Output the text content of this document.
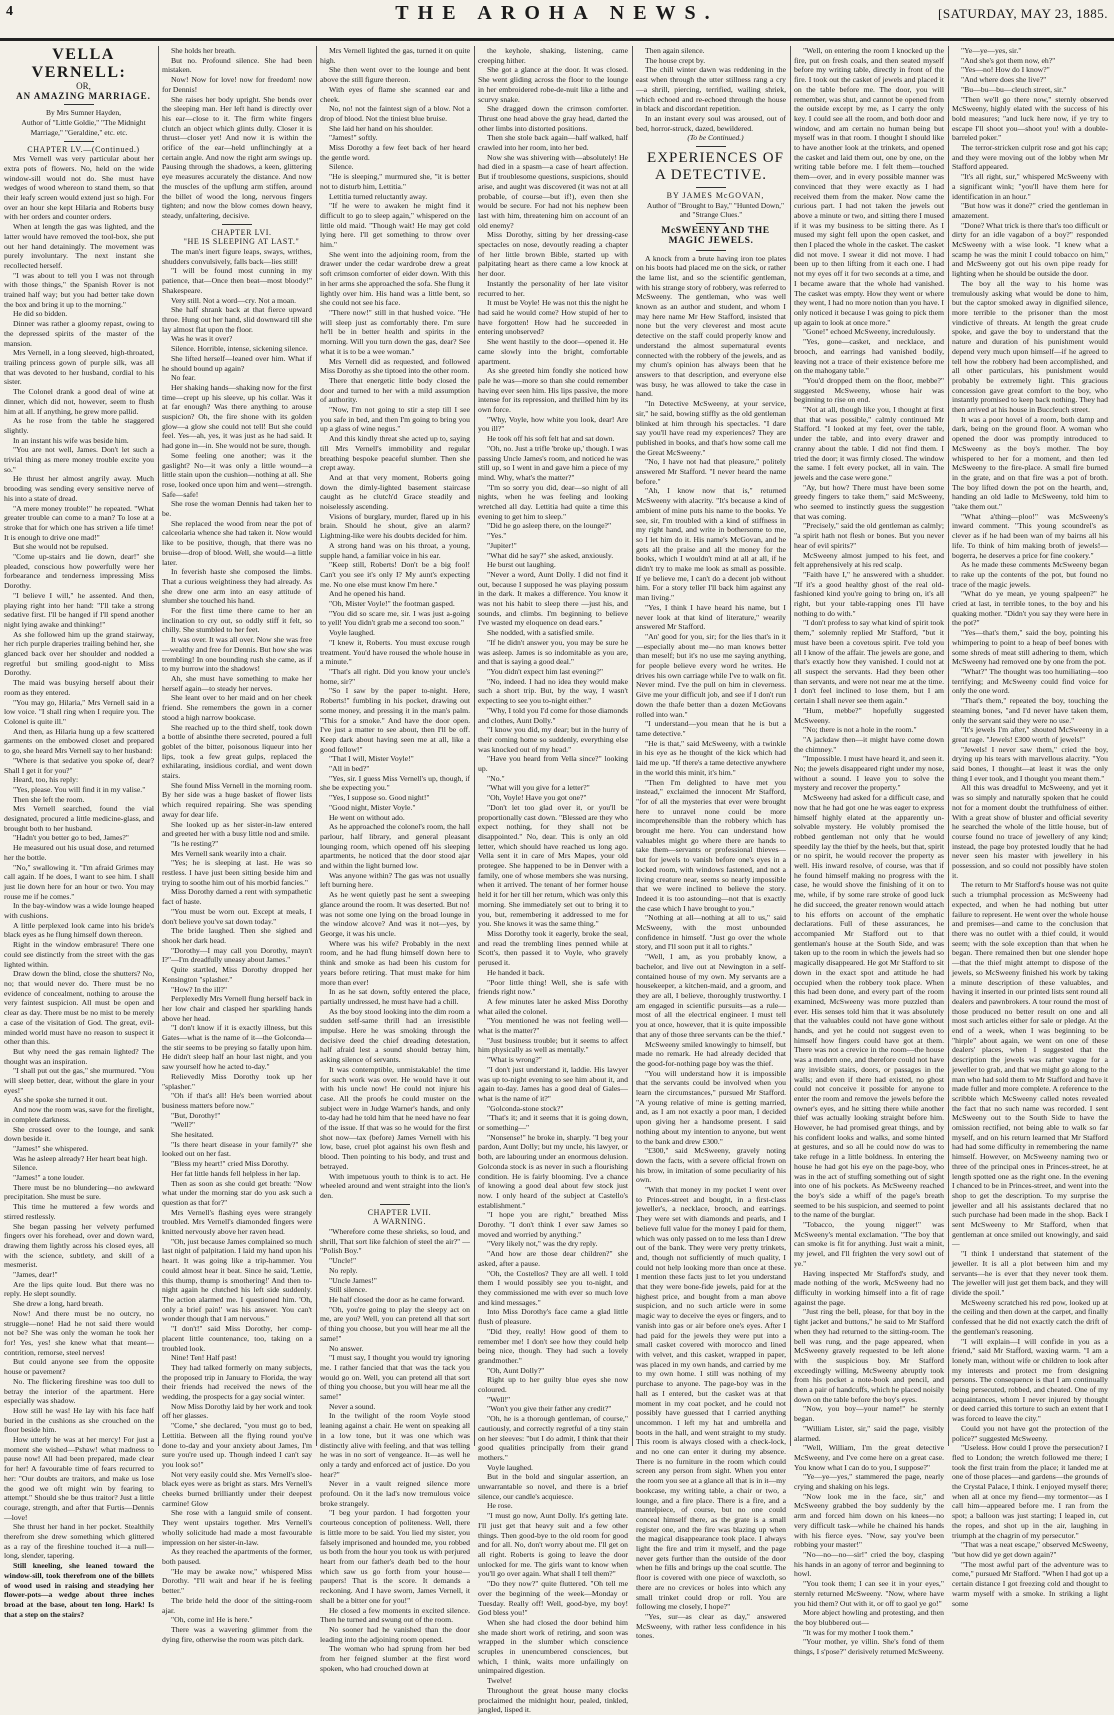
4	THE AROHA NEWS.	[SATURDAY, MAY 23, 1885.

VELLA VERNELL:

OR,

AN AMAZING MARRIAGE.

By Mrs Sumner Hayden,

Author of "Little Goldie," "The Midnight Marriage," "Geraldine," etc. etc.

CHAPTER LV.—(Continued.)

Mrs Vernell was very particular about her extra pots of flowers. No, held on the wide window-sill would not do. She must have wedges of wood whereon to stand them, so that their leafy screen would extend just so high. For over an hour she kept Hilaria and Roberts busy with her orders and counter orders.

When at length the gas was lighted, and the latter would have removed the tool-box, she put out her hand detainingly. The movement was purely involuntary. The next instant she recollected herself.

"I was about to tell you I was not through with those things," the Spanish Rover is not trained half way; but you had better take down the box and bring it up to the morning."

He did so bidden.

Dinner was rather a gloomy repast, owing to the depressed spirits of the master of the mansion.

Mrs Vernell, in a long sleeved, high-throated, trailing princess gown of purple silk, was all that was devoted to her husband, cordial to his sister.

The Colonel drank a good deal of wine at dinner, which did not, however, seem to flush him at all. If anything, he grew more pallid.

As he rose from the table he staggered slightly.

In an instant his wife was beside him.

"You are not well, James. Don't let such a trivial thing as mere money trouble excite you so."

He thrust her almost angrily away. Much brooding was sending every sensitive nerve of his into a state of dread.

"A mere money trouble!" he repeated. "What greater trouble can come to a man? To lose at a stroke that for which one has striven a life time! It is enough to drive one mad!"

But she would not be repulsed.

"Come up-stairs and lie down, dear!" she pleaded, conscious how powerfully were her forbearance and tenderness impressing Miss Dorothy.

"I believe I will," he assented. And then, playing right into her hand: "I'll take a strong sedative first. I'll be hanged if I'll spend another night lying awake and thinking!"

As she followed him up the grand stairway, her rich purple draperies trailing behind her, she glanced back over her shoulder and nodded a regretful but smiling good-night to Miss Dorothy.

The maid was busying herself about their room as they entered.

"You may go, Hilaria," Mrs Vernell said in a low voice. "I shall ring when I require you. The Colonel is quite ill."

And then, as Hilaria hung up a few scattered garments on the embowed closet and prepared to go, she heard Mrs Vernell say to her husband:

"Where is that sedative you spoke of, dear? Shall I get it for you?"

Heard, too, his reply:

"Yes, please. You will find it in my valise."

Then she left the room.

Mrs Vernell searched, found the vial designated, procured a little medicine-glass, and brought both to her husband.

"Hadn't you better go to bed, James?"

He measured out his usual dose, and returned her the bottle.

"No," swallowing it. "I'm afraid Grimes may call again. If he does, I want to see him. I shall just lie down here for an hour or two. You may rouse me if he comes."

In the bay-window was a wide lounge heaped with cushions.

A little perplexed look came into his bride's black eyes as he flung himself down thereon.

Right in the window embrasure! There one could see distinctly from the street with the gas lighted within.

Draw down the blind, close the shutters? No, no; that would never do. There must be no evidence of concealment, nothing to arouse the very faintest suspicion. All must be open and clear as day. There must be no mist to be merely a case of the visitation of God. The great, evil-minded world must have no reason to suspect it other than this.

But why need the gas remain lighted? The thought was an inspiration.

"I shall put out the gas," she murmured. "You will sleep better, dear, without the glare in your eyes!"

As she spoke she turned it out.

And now the room was, save for the firelight, in complete darkness.

She crossed over to the lounge, and sank down beside it.

"James!" she whispered.

Was he asleep already? Her heart beat high.

Silence.

"James!" a tone louder.

There must be no blundering—no awkward precipitation. She must be sure.

This time he muttered a few words and stirred restlessly.

She began passing her velvety perfumed fingers over his forehead, over and down ward, drawing them lightly across his closed eyes, all with the science, subtlety, and skill of a mesmerist.

"James, dear!"

Are the lips quite loud. But there was no reply. He slept soundly.

She drew a long, hard breath.

Now! And there must be no outcry, no struggle—none! Had he not said there would not be? She was only the woman he took her for! Yes, yes! she knew what that meant—contrition, remorse, steel nerves!

But could anyone see from the opposite house or pavement?

No. The flickering fireshine was too dull to betray the interior of the apartment. Here especially was shadow.

How still he was! He lay with his face half buried in the cushions as she crouched on the floor beside him.

How utterly he was at her mercy! For just a moment she wished—Pshaw! what madness to pause now! All had been prepared, made clear for her! A favourable time of fears recurred to her: "Our doubts are traitors, and make us lose the good we oft might win by fearing to attempt." Should she be thus traitor? Just a little courage, strength, and after that Furtis—Dennis—love!

She thrust her hand in her pocket. Stealthily therefrom she drew something which glittered as a ray of the fireshine touched it—a null—long, slender, tapering.

Still kneeling, she leaned toward the window-sill, took therefrom one of the billets of wood used in raising and steadying her flower-pots—a wedge about three inches broad at the base, about ten long. Hark! Is that a step on the stairs?

She holds her breath.

But no. Profound silence. She had been mistaken.

Now! Now for love! now for freedom! now for Dennis!

She raises her body upright. She bends over the sleeping man. Her left hand is directly over his ear—close to it. The firm white fingers clutch an object which glints dully. Closer it is thrust—closer yet! And now it is within the orifice of the ear—held unflinchingly at a certain angle. And now the right arm swings up. Pausing through the shadows, a keen, glittering eye measures accurately the distance. And now the muscles of the upflung arm stiffen, around the billet of wood the long, nervous fingers tighten; and now the blow comes down heavy, steady, unfaltering, decisive.

CHAPTER LVI.

"HE IS SLEEPING AT LAST."

The man's inert figure leaps, sways, writhes, shudders convulsively, falls back—lies still!

"I will be found most cunning in my patience, that—Once then beat—most bloody!" Shakespeare.

Very still. Not a word—cry. Not a moan.

She half shrank back at that fierce upward throe. Hung out her hand, slid downward till she lay almost flat upon the floor.

Was he was it over?

Silence. Horrible, intense, sickening silence.

She lifted herself—leaned over him. What if he should bound up again?

No fear.

Her shaking hands—shaking now for the first time—crept up his sleeve, up his collar. Was it at far enough? Was there anything to arouse suspicion? Oh, the fire shone with its golden glow—a glow she could not tell! But she could feel. Yes—ah, yes, it was just as he had said. It had gone in—in. She would not be sure, though.

Some feeling one another; was it the gaslight? No—it was only a little wound—a little stain upon the cushion—nothing at all. She rose, looked once upon him and went—strength. Safe—safe!

She rose the woman Dennis had taken her to be.

She replaced the wood from near the pot of calceolaria whence she had taken it. Now would like to be positive, though, that there was no bruise—drop of blood. Well, she would—a little later.

In feverish haste she composed the limbs. That a curious weightiness they had already. As she drew one arm into an easy attitude of slumber she touched his hand.

For the first time there came to her an inclination to cry out, so oddly stiff it felt, so chilly. She stumbled to her feet.

It was over. It was all over. Now she was free—wealthy and free for Dennis. But how she was trembling! In one bounding rush she came, as if to my burrow into the shadows!

Ah, she must have something to make her herself again—to steady her nerves.

She leant over to her maid and on her cheek friend. She remembers the gown in a corner stood a high narrow bookcase.

She reached up to the third shelf, took down a bottle of absinthe there secreted, poured a full goblet of the bitter, poisonous liqueur into her lips, took a few great gulps, replaced the exhilarating, insidious cordial, and went down stairs.

She found Miss Vernell in the morning room. By her side was a huge basket of flower lists which required repairing. She was spending away for dear life.

She looked up as her sister-in-law entered and greeted her with a busy little nod and smile.

"Is he resting?"

Mrs Vernell sank wearily into a chair.

"Yes; he is sleeping at last. He was so restless. I have just been sitting beside him and trying to soothe him out of his morbid fancies."

Miss Dorothy darned a rent with sympathetic fact of haste.

"You must be worn out. Except at meals, I don't believe you've sat down today."

The bride laughed. Then she sighed and shook her dark head.

"Dorothy—I may call you Dorothy, mayn't I?"—I'm dreadfully uneasy about James."

Quite startled, Miss Dorothy dropped her Kensington "splasher."

"How? In the ill?"

Perplexedly Mrs Vernell flung herself back in her low chair and clasped her sparkling hands above her head.

"I don't know if it is exactly illness, but this Gates—what is the name of it—the Golconda—the stir seems to be preying so fatally upon him. He didn't sleep half an hour last night, and you saw yourself how he acted to-day."

Relievedly Miss Dorothy took up her "splasher."

"Oh if that's all! He's been worried about business matters before now."

"But, Dorothy!"

"Well?"

She hesitated.

"Is there heart disease in your family?" she looked out on her fast.

"Bless my heart!" cried Miss Dorothy.

Her fat little hands fell helpless in her lap.

Then as soon as she could get breath: "Now what under the morning star do you ask such a question as that for?"

Mrs Vernell's flashing eyes were strangely troubled. Mrs Vernell's diamonded fingers were knitted nervously above her raven head.

"Oh, just because James complained so much last night of palpitation. I laid my hand upon his heart. It was going like a trip-hammer. You could almost hear it beat. Since he said, 'Lettie, this thump, thump is smothering!' And then to-night again he clutched his left side suddenly. The action alarmed me. I questioned him. 'Oh, only a brief pain!' was his answer. You can't wonder though that I am nervous."

"I don't!" said Miss Dorothy, her comp-placent little countenance, too, taking on a troubled look.

Nine! Ten! Half past!

They had talked formerly on many subjects, the proposed trip in January to Florida, the way their friends had received the news of the wedding, the prospects for a gay social winter.

Now Miss Dorothy laid by her work and took off her glasses.

"Come," she declared, "you must go to bed, Lettitia. Between all the flying round you've done to-day and your anxiety about James, I'm sure you're used up. Though indeed I can't say you look so!"

Not very easily could she. Mrs Vernell's sloe-black eyes were as bright as stars. Mrs Vernell's cheeks burned brilliantly under their deepest carmine! Glow

She rose with a languid smile of consent. They went upstairs together. Mrs Vernell's wholly solicitude had made a most favourable impression on her sister-in-law.

As they reached the apartments of the former, both paused.

"He may be awake now," whispered Miss Dorothy. "I'll wait and hear if he is feeling better."

The bride held the door of the sitting-room ajar.

"Oh, come in! He is here."

There was a wavering glimmer from the dying fire, otherwise the room was pitch dark.

Mrs Vernell lighted the gas, turned it on quite high.

She then went over to the lounge and bent above the still figure thereon.

With eyes of flame she scanned ear and cheek.

No, no! not the faintest sign of a blow. Not a drop of blood. Not the tiniest blue bruise.

She laid her hand on his shoulder.

"James!" softly.

Miss Dorothy a few feet back of her heard the gentle word.

Silence.

"He is sleeping," murmured she, "it is better not to disturb him, Lettitia."

Lettitia turned reluctantly away.

"If he were to awaken he might find it difficult to go to sleep again," whispered on the little old maid. "Though wait! He may get cold lying here. I'll get something to throw over him."

She went into the adjoining room, from the drawer under the cedar wardrobe drew a great soft crimson comforter of eider down. With this in her arms she approached the sofa. She flung it lightly over him. His hand was a little bent, so she could not see his face.

"There now!" still in that hushed voice. "He will sleep just as comfortably there. I'm sure he'll be in better health and spirits in the morning. Will you turn down the gas, dear? See what it is to be a wee woman."

Mrs Vernell did as requested, and followed Miss Dorothy as she tiptoed into the other room.

There that energetic little body closed the door and turned to her with a mild assumption of authority.

"Now, I'm not going to stir a step till I see you safe in bed, and then I'm going to bring you up a glass of wine negus."

And this kindly threat she acted up to, saying till Mrs Vernell's immobility and regular breathing bespoke peaceful slumber. Then she crept away.

And at that very moment, Roberts going down the dimly-lighted basement staircase caught as he clutch'd Grace steadily and noiselessly ascending.

Visions of burglary, murder, flared up in his brain. Should he shout, give an alarm? Lightning-like were his doubts decided for him.

A strong hand was on his throat, a young, supple hand, a familiar voice in his ear.

"Keep still, Roberts! Don't be a big fool! Can't you see it's only I? My aunt's expecting me. No one else must know I'm here."

And he opened his hand.

"Oh, Mister Voyle!" the footman gasped.

"You did so scare me, sir. I was just a-going to yell! You didn't grab me a second too soon."

Voyle laughed.

"I knew it, Roberts. You must excuse rough treatment. You'd have roused the whole house in a minute."

"That's all right. Did you know your uncle's home, sir?"

"So I saw by the paper to-night. Here, Roberts!" fumbling in his pocket, drawing out some money, and pressing it in the man's palm. "This for a smoke." And have the door open. I've just a matter to see about, then I'll be off. Keep dark about having seen me at all, like a good fellow!"

"That I will, Mister Voyle!"

"All in bed?"

"Yes, sir. I guess Miss Vernell's up, though, if she be expecting you."

"Yes, I suppose so. Good night!"

"Good night, Mister Voyle."

He went on without ado.

As he approached the colonel's room, the hall parlour, half library, and general pleasant lounging room, which opened off his sleeping apartments, he noticed that the door stood ajar and within the light burned low.

Was anyone within? The gas was not usually left burning here.

As he went quietly past he sent a sweeping glance around the room. It was deserted. But no! was not some one lying on the broad lounge in the window alcove? And was it not—yes, by George, it was his uncle.

Where was his wife? Probably in the next room, and he had flung himself down here to think and smoke as had been his custom for years before retiring. That must make for him more than ever!

In as he sat down, softly entered the place, partially undressed, he must have had a chill.

As the boy stood looking into the dim room a sudden self-same thrill had an irresistible impulse. Here he was smoking through the decisive deed the chief dreading detestation, half afraid lest a sound should betray him, asking silence of servants.

It was contemptible, unmistakable! the time for such work was over. He would have it out with his uncle now! He could not injure his case. All the proofs he could muster on the subject were in Judge Warner's hands, and only to-day had he told him that he need have no fear of the issue. If that was so he would for the first shot now—tax (before) James Vernell with his low, base, cruel plot against his own flesh and blood. Then pointing to his body, and trust and betrayed.

With impetuous youth to think is to act. He wheeled around and went straight into the lion's den.

CHAPTER LVII.

A WARNING.

"Wherefore come these shrieks, so loud, and shrill, That sort like falchion of steel the air?" — "Polish Boy."

"Uncle!"

No reply.

"Uncle James!"

Still silence.

He half closed the door as he came forward.

"Oh, you're going to play the sleepy act on me, are you? Well, you can pretend all that sort of thing you choose, but you will hear me all the same!"

No answer.

"I must say, I thought you would try ignoring me. I rather fancied that that was the tack you would go on. Well, you can pretend all that sort of thing you choose, but you will hear me all the same!"

Never a sound.

In the twilight of the room Voyle stood leaning against a chair. He went on speaking all in a low tone, but it was one which was distinctly alive with feeling, and that was telling he was in no sort of vengeance. It—as well he only a tardy and enforced act of justice. Do you hear?"

Never in a vault reigned silence more profound. On it the lad's now tremulous voice broke strangely.

"I beg your pardon. I had forgotten your courteous conception of politeness. Well, there is little more to be said. You lied my sister, you falsely imprisoned and hounded me, you robbed us both from the hour you took us with perjured heart from our father's death bed to the hour which saw us go forth from your house—paupers! That is the score. It demands a reckoning. And I have sworn, James Vernell, it shall be a bitter one for you!"

He closed a few moments in excited silence. Then he turned and swung out of the room.

No sooner had he vanished than the door leading into the adjoining room opened.

The woman who had sprung from her bed from her feigned slumber at the first word spoken, who had crouched down at

the keyhole, shaking, listening, came creeping hither.

She got a glance at the door. It was closed. She went gliding across the floor to the lounge in her embroidered robe-de-nuit like a lithe and scurvy snake.

She dragged down the crimson comforter. Thrust one head above the gray head, darted the other limbs into distorted positions.

Then she stole back again—half walked, half crawled into her room, into her bed.

Now she was shivering with—absolutely! He had died in a spasm—a case of heart affection. But if troublesome questions, suspicions, should arise, and aught was discovered (it was not at all probable, of course—but if!), even then she would be secure. For had not his nephew been last with him, threatening him on account of an old enemy?

Miss Dorothy, sitting by her dressing-case spectacles on nose, devoutly reading a chapter of her little brown Bible, started up with palpitating heart as there came a low knock at her door.

Instantly the personality of her late visitor recurred to her.

It must be Voyle! He was not this the night he had said he would come? How stupid of her to have forgotten! How had he succeeded in entering unobserved?

She went hastily to the door—opened it. He came slowly into the bright, comfortable apartment.

As she greeted him fondly she noticed how pale he was—more so than she could remember having ever seen him. His lips passive, the more intense for its repression, and thrilled him by its own force.

"Why, Voyle, how white you look, dear! Are you ill?"

He took off his soft felt hat and sat down.

"Oh, no. Just a trifle 'broke up,' though. I was passing Uncle James's room, and noticed he was still up, so I went in and gave him a piece of my mind. Why, what's the matter?"

"I'm so sorry you did, dear—so night of all nights, when he was feeling and looking wretched all day. Lettitia had quite a time this evening to get him to sleep."

"Did he go asleep there, on the lounge?"

"Yes."

"Jupiter!"

"What did he say?" she asked, anxiously.

He burst out laughing.

"Never a word, Aunt Dolly. I did not find it out, because I supposed he was playing possum in the dark. It makes a difference. You know it was not his habit to sleep there —just his, and sounds, and climbs. I'm beginning to believe I've wasted my eloquence on dead ears."

She nodded, with a satisfied smile.

"If he didn't answer you, you may be sure he was asleep. James is so indomitable as you are, and that is saying a good deal."

"You didn't expect him last evening?"

"No, indeed. I had no idea they would make such a short trip. But, by the way, I wasn't expecting to see you to-night either."

"Why, I told you I'd come for those diamonds and clothes, Aunt Dolly."

"I know you did, my dear; but in the hurry of their coming home so suddenly, everything else was knocked out of my head."

"Have you heard from Vella since?" looking up.

"No."

"What will you give for a letter?"

"Oh, Voyle! Have you got one?"

"Don't let too glad over it, or you'll be proportionally cast down. "Blessed are they who expect nothing, for they shall not be disappointed." No, dear. This is only an old letter, which should have reached us long ago. Vella sent it in care of Mrs Mapes, your old protegee. She happened to be in Denver with a family, one of whose members she was nursing, when it arrived. The tenant of her former house held it for her till her return, which was only this morning. She immediately set out to bring it to you, but, remembering it addressed to me for you. She knows it was the same thing."

Miss Dorothy took it eagerly, broke the seal, and read the trembling lines penned while at Scott's, then passed it to Voyle, who gravely perused it.

He handed it back.

"Poor little thing! Well, she is safe with friends right now."

A few minutes later he asked Miss Dorothy what ailed the colonel.

"You mentioned he was not feeling well—what is the matter?"

"Just business trouble; but it seems to affect him physically as well as mentally."

"What is wrong?"

"I don't just understand it, laddie. His lawyer was up to-night evening to see him about it, and again to-day. James has a good deal of Gales—what is the name of it?"

"Golconda-stone stock?"

"That's it; and it seems that it is going down, or something—"

"Nonsense!" he broke in, sharply. "I beg your pardon, Aunt Dolly; but my uncle, his lawyer, or both, are labouring under an enormous delusion. Golconda stock is as never in such a flourishing condition. He is fairly blooming. I've a chance of knowing a good deal about few stock just now. I only heard of the subject at Castello's establishment."

"I hope you are right," breathed Miss Dorothy. "I don't think I ever saw James so moved and worried by anything."

"Very likely not," was the dry reply.

"And how are those dear children?" she asked, after a pause.

"Oh, the Costellos? They are all well. I told them I would possibly see you to-night, and they commissioned me with ever so much love and kind messages."

Into Miss Dorothy's face came a glad little flush of pleasure.

"Did they, really! How good of them to remember me! I don't see how they could help being nice, though. They had such a lovely grandmother."

"Oh, Aunt Dolly?"

Right up to her guilty blue eyes she now coloured.

"Well!"

"Won't you give their father any credit?"

"Oh, he is a thorough gentleman, of course," cautiously, and correctly regretful of a tiny stain on her sleeves: "but I do admit, I think that their good qualities principally from their grand mothers."

Voyle laughed.

But in the bold and singular assertion, an unwarrantable so novel, and there is a brief silence, our candle's acquiesce.

He rose.

"I must go now, Aunt Dolly. It's getting late. I'll just get that heavy suit and a few other things. Then good-bye to the old room for good and for all. No, don't worry about me. I'll get on all right. Roberts is going to leave the door unlocked for me. The girls want to know when you'll go over again. What shall I tell them?"

"Do they now?" quite fluttered. "Oh tell me over the beginning of the week—Monday or Tuesday. Really off! Well, good-bye, my boy! God bless you!"

When she had closed the door behind him she made short work of retiring, and soon was wrapped in the slumber which conscience scruples in unencumbered consciences, but which, I think, waits more unfailingly on unimpaired digestion.

Twelve!

Throughout the great house many clocks proclaimed the midnight hour, pealed, tinkled, jangled, lisped it.

Then again silence.

The house crept by.

The chill winter dawn was reddening in the east when through the utter stillness rang a cry—a shrill, piercing, terrified, wailing shriek, which echoed and re-echoed through the house in black and discordant repetition.

In an instant every soul was aroused, out of bed, horror-struck, dazed, bewildered.

(To be Continued.)

EXPERIENCES OF A DETECTIVE.

BY JAMES McGOVAN,

Author of "Brought to Bay," "Hunted Down," and "Strange Clues."

McSWEENY AND THE MAGIC JEWELS.

A knock from a brute having iron toe plates on his boots had placed me on the sick, or rather the lame list, and so the scientific gentleman, with his strange story of robbery, was referred to McSweeny. The gentleman, who was well known as an author and student, and whom I may here name Mr Hew Stafford, insisted that none but the very cleverest and most acute detective on the staff could properly know and understand the almost supernatural events connected with the robbery of the jewels, and as my chum's opinion has always been that he answers to that description, and everyone else was busy, he was allowed to take the case in hand.

"In Detective McSweeny, at your service, sir," he said, bowing stiffly as the old gentleman blinked at him through his spectacles. "I dare say you'll have read my experiences? They are published in books, and that's how some call me the Great McSweeny."

"No, I have not had that pleasure," politely answered Mr Stafford. "I never heard the name before."

"Ah, I know now that is," returned McSweeny with alacrity. "It's because a kind of ambient of mine puts his name to the books. Ye see, sir, I'm troubled with a kind of stiffness in my right hand, and write in bothersome to me, so I let him do it. His name's McGovan, and he gets all the praise and all the money for the books, which I wouldn't mind at all at all, if he didn't try to make me look as small as possible. If ye believe me, I can't do a decent job without him. For a story teller I'll back him against any man living."

"Yes, I think I have heard his name, but I never look at that kind of literature," wearily answered Mr Stafford.

"An' good for you, sir; for the lies that's in it—especially about me—no man knows better than meself; but it's no use me saying anything, for people believe every word he writes. He drives his own carriage while I've to walk on fit. Never mind. I've the pull on him in cleverness. Give me your difficult job, and see if I don't run down the thafe better than a dozen McGovans rolled into wan."

"I understand—you mean that he is but a tame detective."

"He is that," said McSweeny, with a twinkle in his eye as he thought of the kick which had laid me up. "If there's a tame detective anywhere in the world this minit, it's him."

"Then I'm delighted to have met you instead," exclaimed the innocent Mr Stafford, "for of all the mysteries that ever were brought here to unravel none could be more incomprehensible than the robbery which has brought me here. You can understand how valuables might go where there are hands to take them—servants or professional thieves—but for jewels to vanish before one's eyes in a locked room, with windows fastened, and not a living creature near, seems so nearly impossible that we were inclined to believe the story. Indeed it is too astounding—not that is exactly the case which I have brought to you."

"Nothing at all—nothing at all to us," said McSweeny, with the most unbounded confidence in himself. "Just go over the whole story, and I'll soon put it all to rights."

"Well, I am, as you probably know, a bachelor, and live out at Newington in a self-contained house of my own. My servants are a housekeeper, a kitchen-maid, and a groom, and they are all, I believe, thoroughly trustworthy. I am engaged in scientific pursuits—as a rule—most of all the electrical engineer. I must tell you at once, however, that it is quite impossible that any of those three servants can be the thief."

McSweeny smiled knowingly to himself, but made no remark. He had already decided that the good-for-nothing page boy was the thief.

"You will understand how it is impossible that the servants could be involved when you learn the circumstances," pursued Mr Stafford. "A young relative of mine is getting married, and, as I am not exactly a poor man, I decided upon giving her a handsome present. I said nothing about my intention to anyone, but went to the bank and drew £300."

"£300," said McSweeny, gravely noting down the facts, with a severe official frown on his brow, in imitation of some peculiarity of his own.

"With that money in my pocket I went over to Princes-street and bought, in a first-class jeweller's, a necklace, brooch, and earrings. They were set with diamonds and pearls, and I believe full value for the money I paid for them, which was only passed on to me less than I drew out of the bank. They were very pretty trinkets, and, though not sufficiently of much quality, I could not help looking more than once at these. I mention these facts just to let you understand that they were bone-fide jewels, paid for at the highest price, and bought from a man above suspicion, and no such article were in some magic way to deceive the eyes or fingers, and to vanish into gas or air before one's eyes. After I had paid for the jewels they were put into a small casket covered with morocco and lined with velvet, and this casket, wrapped in paper, was placed in my own hands, and carried by me to my own home. I still was nothing of my purchase to anyone. The page-boy was in the hall as I entered, but the casket was at that moment in my coat pocket, and he could not possibly have guessed that I carried anything uncommon. I left my hat and umbrella and boots in the hall, and went straight to my study. This room is always closed with a check-lock, and no one can enter it during my absence. There is no furniture in the room which could screen any person from sight. When you enter the room you see at a glance all that is in it—my bookcase, my writing table, a chair or two, a lounge, and a fire place. There is a fire, and a mantelpiece, of course, but no one could conceal himself there, as the grate is a small register one, and the fire was blazing up when the magical disappearance took place. I always light the fire and trim it myself, and the page never gets further than the outside of the door when he fills and brings up the coal scuttle. The floor is covered with one piece of waxcloth, so there are no crevices or holes into which any small trinket could drop or roll. You are following me closely, I hope?"

"Yes, sur—as clear as day," answered McSweeny, with rather less confidence in his tones.

"Well, on entering the room I knocked up the fire, put on fresh coals, and then seated myself before my writing table, directly in front of the fire. I took out the casket of jewels and placed it on the table before me. The door, you will remember, was shut, and cannot be opened from the outside except by me, as I carry the only key. I could see all the room, and both door and window, and am certain no human being but myself was in that room. I thought I should like to have another look at the trinkets, and opened the casket and laid them out, one by one, on the writing table before me. I felt them—touched them—over, and in every possible manner was convinced that they were exactly as I had received them from the maker. Now came the curious part. I had not taken the jewels out above a minute or two, and sitting there I mused if it was my business to be sitting there. As I mused my sight fell upon the open casket, and then I placed the whole in the casket. The casket did not move. I swear it did not move. I had been up to then lifting from it each one. I had not my eyes off it for two seconds at a time, and I became aware that the whole had vanished. The casket was empty. How they went or where they went, I had no more notion than you have. I only noticed it because I was going to pick them up again to look at once more."

"Gone!" echoed McSweeny, incredulously.

"Yes, gone—casket, and necklace, and brooch, and earrings had vanished bodily, leaving not a trace of their existence before me on the mahogany table."

"You'd dropped them on the floor, mebbe?" suggested McSweeny, whose hair was beginning to rise on end.

"Not at all, though like you, I thought at first that that was possible," calmly continued Mr Stafford. "I looked at my feet, over the table, under the table, and into every drawer and cranny about the table. I did not find them. I tried the door; it was firmly closed. The window the same. I felt every pocket, all in vain. The jewels and the case were gone."

"Ay, but how? There must have been some greedy fingers to take them," said McSweeny, who seemed to instinctly guess the suggestion that was coming.

"Precisely," said the old gentleman as calmly; "a spirit hath not flesh or bones. But you never hear of evil spirits?"

McSweeny almost jumped to his feet, and felt apprehensively at his red scalp.

"Faith have I," he answered with a shudder. "If it's a good healthy ghost of the real old-fashioned kind you're going to bring on, it's all right, but your table-rapping ones I'll have nothing to do with."

"I don't profess to say what kind of spirit took them," solemnly replied Mr Stafford, "but it must have been a covetous spirit. I've told you all I know of the affair. The jewels are gone, and that's exactly how they vanished. I could not at all suspect the servants. Had they been other than servants, and were not near me at the time. I don't feel inclined to lose them, but I am certain I shall never see them again."

"Hum, mebbe?" hopefully suggested McSweeny.

"No; there is not a hole in the room."

"A jackdaw then—it might have come down the chimney."

"Impossible. I must have heard it, and seen it. No; the jewels disappeared right under my nose, without a sound. I leave you to solve the mystery and recover the property."

McSweeny had asked for a difficult case, and now that he had got one he was eager to express himself highly elated at the apparently un-solvable mystery. He volubly promised the robbed gentleman not only that he would speedily lay the thief by the heels, but that, spirit or no spirit, he would recover the property as well. His inward resolve, of course, was that if he found himself making no progress with the case, he would shove the finishing of it on to me, while, if by some rare stroke of good luck he did succeed, the greater renown would attach to his efforts on account of the emphatic declarations. Full of these assurances, he accompanied Mr Stafford out to that gentleman's house at the South Side, and was taken up to the room in which the jewels had so magically disappeared. He got Mr Stafford to sit down in the exact spot and attitude he had occupied when the robbery took place. When this had been done, and every part of the room examined, McSweeny was more puzzled than ever. His senses told him that it was absolutely that the valuables could not have gone without hands, and yet he could not suggest even to himself how fingers could have got at them. There was not a crevice in the room—the house was a modern one, and therefore could not have any invisible stairs, doors, or passages in the walls; and even if there had existed, no ghost could not conceive it possible for anyone to enter the room and remove the jewels before the owner's eyes, and he sitting there while another thief was actually looking straight before him. However, he had promised great things, and by his confident looks and walks, and some hinted at gestures, and so all he could now do was to take refuge in a little boldness. In entering the house he had got his eye on the page-boy, who was in the act of stuffing something out of sight into one of his pockets. As McSweeny reached the boy's side a whiff of the page's breath seemed to be his suspicion, and seemed to point to the name of the burglar.

"Tobacco, the young nigger!" was McSweeny's mental exclamation. "The boy that can smoke is fit for anything. Just wait a minit, my jewel, and I'll frighten the very sowl out of ye."

Having inspected Mr Stafford's study, and made nothing of the work, McSweeny had no difficulty in working himself into a fit of rage against the page.

"Just ring the bell, please, for that boy in the tight jacket and buttons," he said to Mr Stafford when they had returned to the sitting-room. The bell was rung, and the page appeared, when McSweeny gravely requested to be left alone with the suspicious boy. Mr Stafford exceedingly willing, McSweeny abruptly took from his pocket a note-book and pencil, and then a pair of handcuffs, which he placed noisily down on the table before the boy's eyes.

"Now, you boy—your name!" he sternly began.

"William Lister, sir," said the page, visibly alarmed.

"Well, William, I'm the great detective McSweeny, and I've come here on a great case. You know what I can do to you, I suppose?"

"Ye—ye—yes," stammered the page, nearly crying and shaking on his legs.

"Now look me in the face, sir," and McSweeny grabbed the boy suddenly by the arm and forced him down on his knees—no very difficult task—while he chained his hands with his fierce eyes. "Now, say you've been robbing your master!"

"No—no—no—sir!" cried the boy, clasping his hands in an agony of terror and beginning to howl.

"You took them; I can see it in your eyes," sternly returned McSweeny. "Now, where have you hid them? Out with it, or off to gaol ye go!"

More abject howling and protesting, and then the boy blubbered out—

"It was for my mother I took them."

"Your mother, ye villin. She's fond of them things, I s'pose?" derisively returned McSweeny.

"Ye—ye—yes, sir."

"And she's got them now, eh?"

"Yes—no! How do I know?"

"And where does she live?"

"Bu—bu—bu—cleuch street, sir."

"Then we'll go there now," sternly observed McSweeny, highly elated with the success of his bold measures; "and luck here now, if ye try to escape I'll shoot you—shoot you! with a double-barreled poker."

The terror-stricken culprit rose and got his cap; and they were moving out of the lobby when Mr Stafford appeared.

"It's all right, sur," whispered McSweeny with a significant wink; "you'll have them here for identification in an hour."

"But how was it done?" cried the gentleman in amazement.

"Done? What trick is there that's too difficult or dirty for an idle vagabon of a boy?" responded McSweeny with a wise look. "I knew what a scamp he was the minit I could tobacco on him," and McSweeny got out his own pipe ready for lighting when he should be outside the door.

The boy all the way to his home was tremulously asking what would be done to him, but the captor smoked away in dignified silence, more terrible to the prisoner than the most vindictive of threats. At length the great crude spoke, and gave the boy to understand that the nature and duration of his punishment would depend very much upon himself—if he agreed to tell how the robbery had been accomplished, and all other particulars, his punishment would probably be extremely light. This gracious concession gave great comfort to the boy, who instantly promised to keep back nothing. They had then arrived at his house in Buccleuch street.

It was a poor hovel of a room, both damp and dark, being on the ground floor. A woman who opened the door was promptly introduced to McSweeny as the boy's mother. The boy whispered to her for a moment, and then led McSweeny to the fire-place. A small fire burned in the grate, and on that fire was a pot of broth. The boy lifted down the pot on the hearth, and, handing an old ladle to McSweeny, told him to "take them out."

"What a'thing—ploo!" was McSweeny's inward comment. "This young scoundrel's as clever as if he had been wan of my bairns all his life. To think of him making broth of jewels!—bogerra, he deserves a price for fine cookery."

As he made these comments McSweeny began to rake up the contents of the pot, but found no trace of the magic jewels.

"What do ye mean, ye young spalpeen?" he cried at last, in terrible tones, to the boy and his quaking mother. "Didn't you say they were here in the pot?"

"Yes—that's them," said the boy, pointing his whimpering to point to a heap of beef bones with some shreds of meat still adhering to them, which McSweeny had removed one by one from the pot.

"What?" The thought was too humiliating—too terrifying; and McSweeny could find voice for only the one word.

"That's them," repeated the boy, touching the steaming bones, "and I'd never have taken them, only the servant said they were no use."

"It's jewels I'm after," shouted McSweeny in a great rage. "Jewels! £300 worth of jewels!"

"Jewels! I never saw them," cried the boy, drying up his tears with marvellous alacrity. "You said bones, I thought—at least it was the only thing I ever took, and I thought you meant them."

All this was dreadful to McSweeny, and yet it was so simply and naturally spoken that he could not for a moment doubt the truthfulness of either. With a great show of bluster and official severity he searched the whole of the little house, but of course found no trace of jewellery of any kind; instead, the page boy protested loudly that he had never seen his master with jewellery in his possession, and so could not possibly have stolen it.

The return to Mr Stafford's house was not quite such a triumphal procession as McSweeny had expected, and when he had nothing but utter failure to represent. He went over the whole house and premises—and came to the conclusion that there was no outlet with a thief could, it would seem; with the sole exception than that when he began. There remained then but one slender hope—that the thief might attempt to dispose of the jewels, so McSweeny finished his work by taking a minute description of these valuables, and having it inserted in our printed lists sent round all dealers and pawnbrokers. A tour round the most of those produced no better result on one and all most such articles either for sale or pledge. At the end of a week, when I was beginning to be "hirple" about again, we went on one of these dealers' places, when I suggested that the description the jewels was rather vague for a jeweller to grab, and that we might go along to the man who had sold them to Mr Stafford and have it made fuller and more complete. A reference to the scribble which McSweeny called notes revealed the fact that no such name was recorded. I sent McSweeny out to the South Side to have the omission rectified, not being able to walk so far myself, and on his return learned that Mr Stafford had had some difficulty in remembering the name himself. However, on McSweeny naming two or three of the principal ones in Princes-street, he at length spotted one as the right one. In the evening I chanced to be in Princes-street, and went into the shop to get the description. To my surprise the jeweller and all his assistants declared that no such purchase had been made in the shop. Back I sent McSweeny to Mr Stafford, when that gentleman at once smiled out knowingly, and said—

"I think I understand that statement of the jeweller. It is all a plot between him and my servants—he is ever that they never took them. The jeweller will just get them back, and they will divide the spoil."

McSweeny scratched his red pow, looked up at the ceiling and then down at the carpet, and finally confessed that he did not exactly catch the drift of the gentleman's reasoning.

"I will explain—I will confide in you as a friend," said Mr Stafford, waxing warm. "I am a lonely man, without wife or children to look after my interests and protect me from designing persons. The consequence is that I am continually being persecuted, robbed, and cheated. One of my acquaintances, whom I never injured by thought or deed carried this torture to such an extent that I was forced to leave the city."

Could you not have got the protection of the police?" suggested McSweeny.

"Useless. How could I prove the persecution? I fled to London; the wretch followed me there; I took the first train from the place; it landed me at one of those places—and gardens—the grounds of the Crystal Palace, I think. I enjoyed myself there; when all at once my fiend—my tormentor—as I call him—appeared before me. I ran from the spot; a balloon was just starting; I leaped in, cut the ropes, and shot up in the air, laughing in triumph at the chagrin of my persecutor."

"That was a neat escape," observed McSweeny, "but how did ye get down again?"

"The most awful part of the adventure was to come," pursued Mr Stafford. "When I had got up a certain distance I got freezing cold and thought to warm myself with a smoke. In striking a light some
